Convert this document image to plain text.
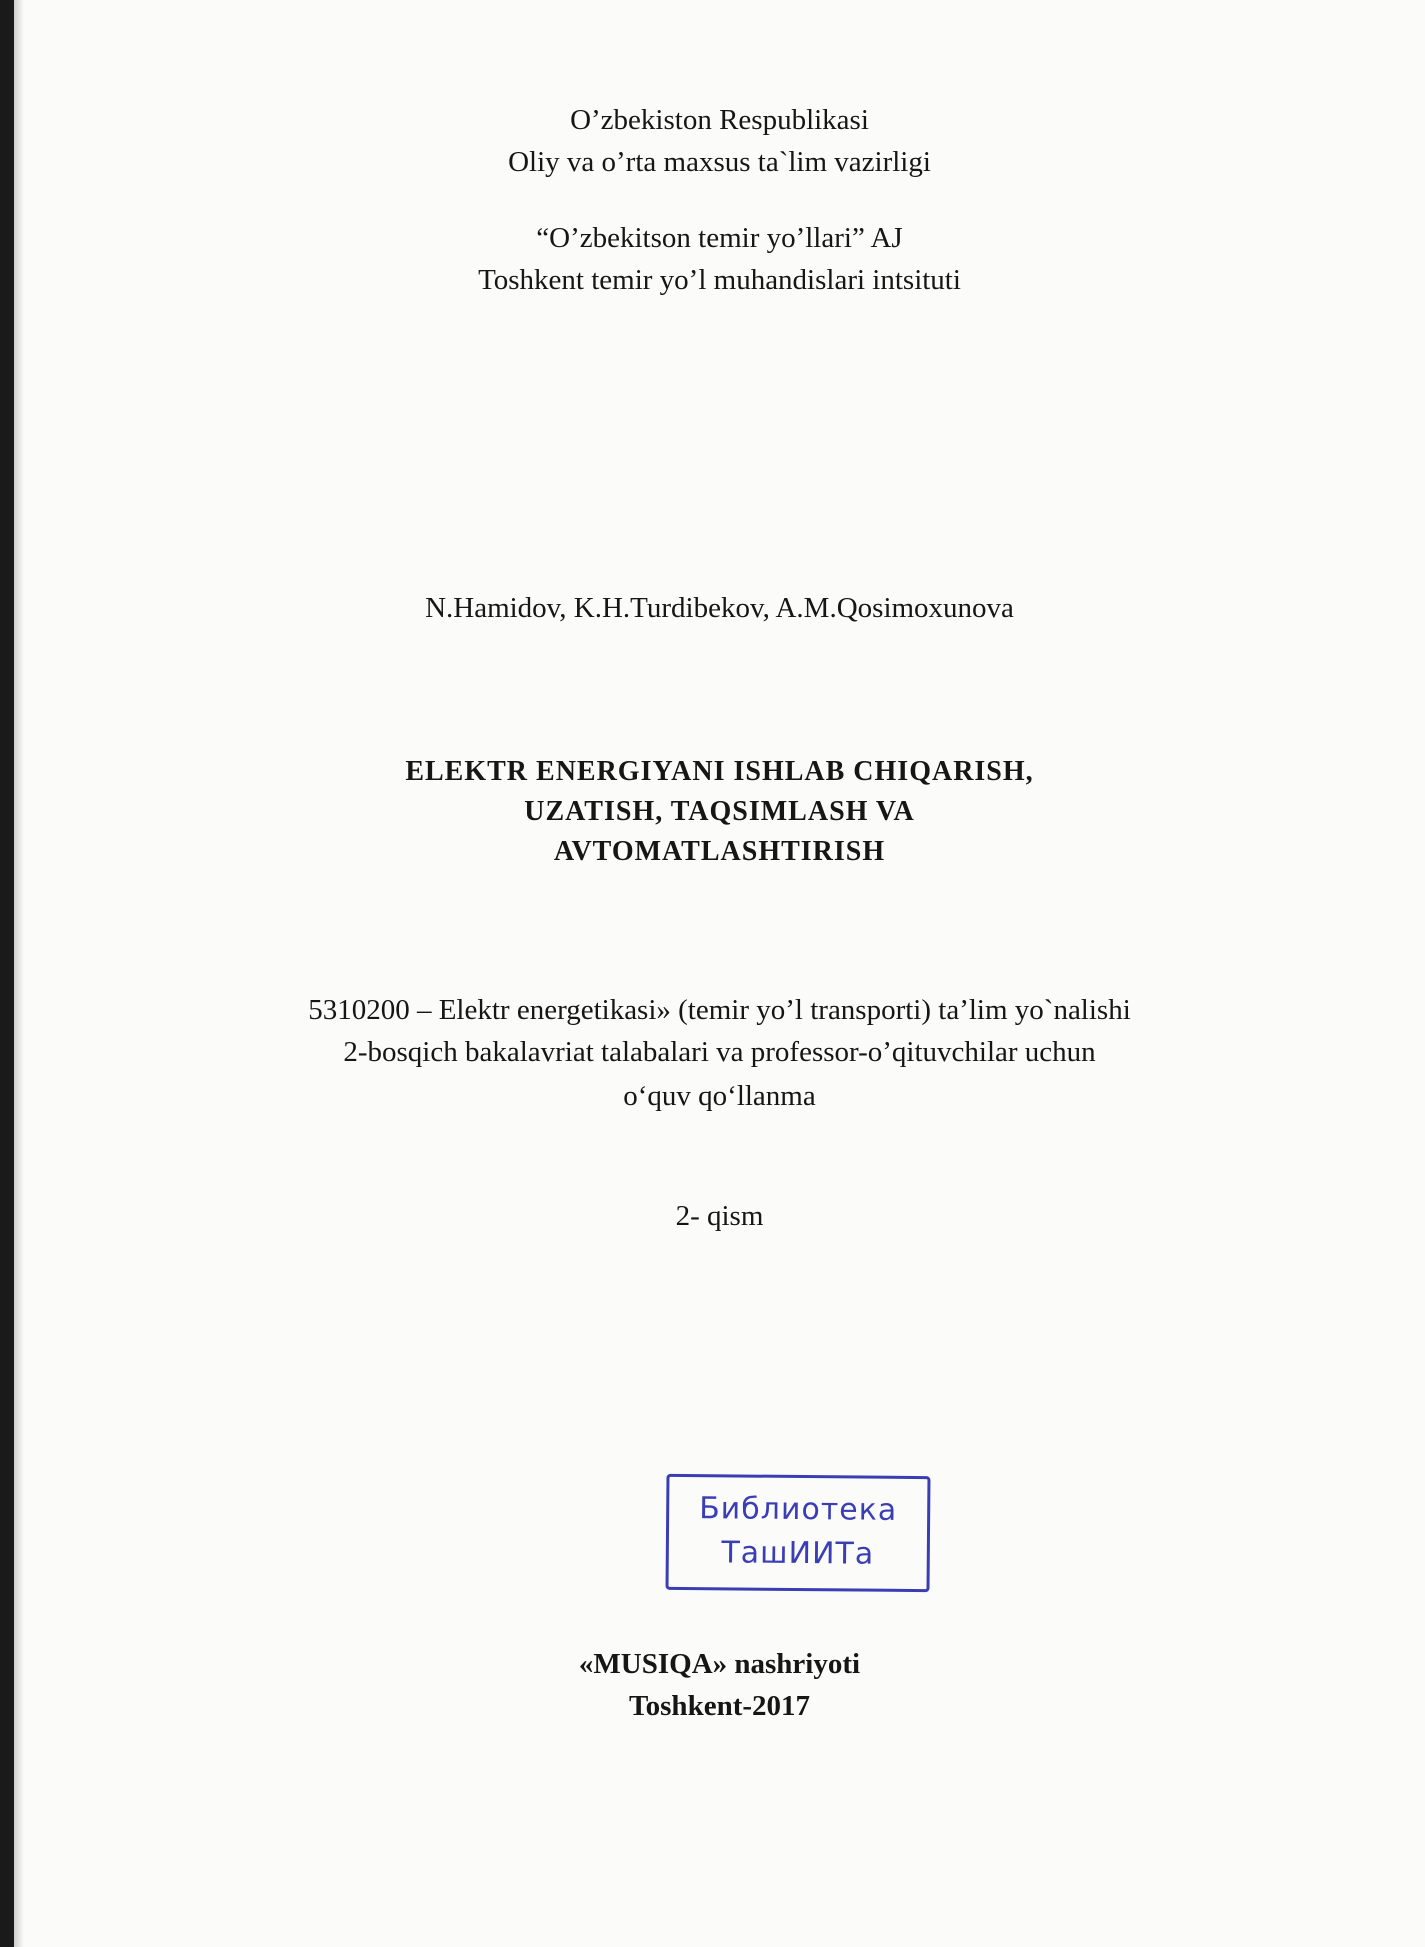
O’zbekiston Respublikasi
Oliy va o’rta maxsus ta`lim vazirligi
“O’zbekitson temir yo’llari” AJ
Toshkent temir yo’l muhandislari intsituti
N.Hamidov, K.H.Turdibekov, A.M.Qosimoxunova
ELEKTR ENERGIYANI ISHLAB CHIQARISH,
UZATISH, TAQSIMLASH VA
AVTOMATLASHTIRISH
5310200 – Elektr energetikasi» (temir yo’l transporti) ta’lim yo`nalishi
2-bosqich bakalavriat talabalari va professor-o’qituvchilar uchun
o‘quv qo‘llanma
2- qism
Библиотека
ТашИИТа
«MUSIQA» nashriyoti
Toshkent-2017
